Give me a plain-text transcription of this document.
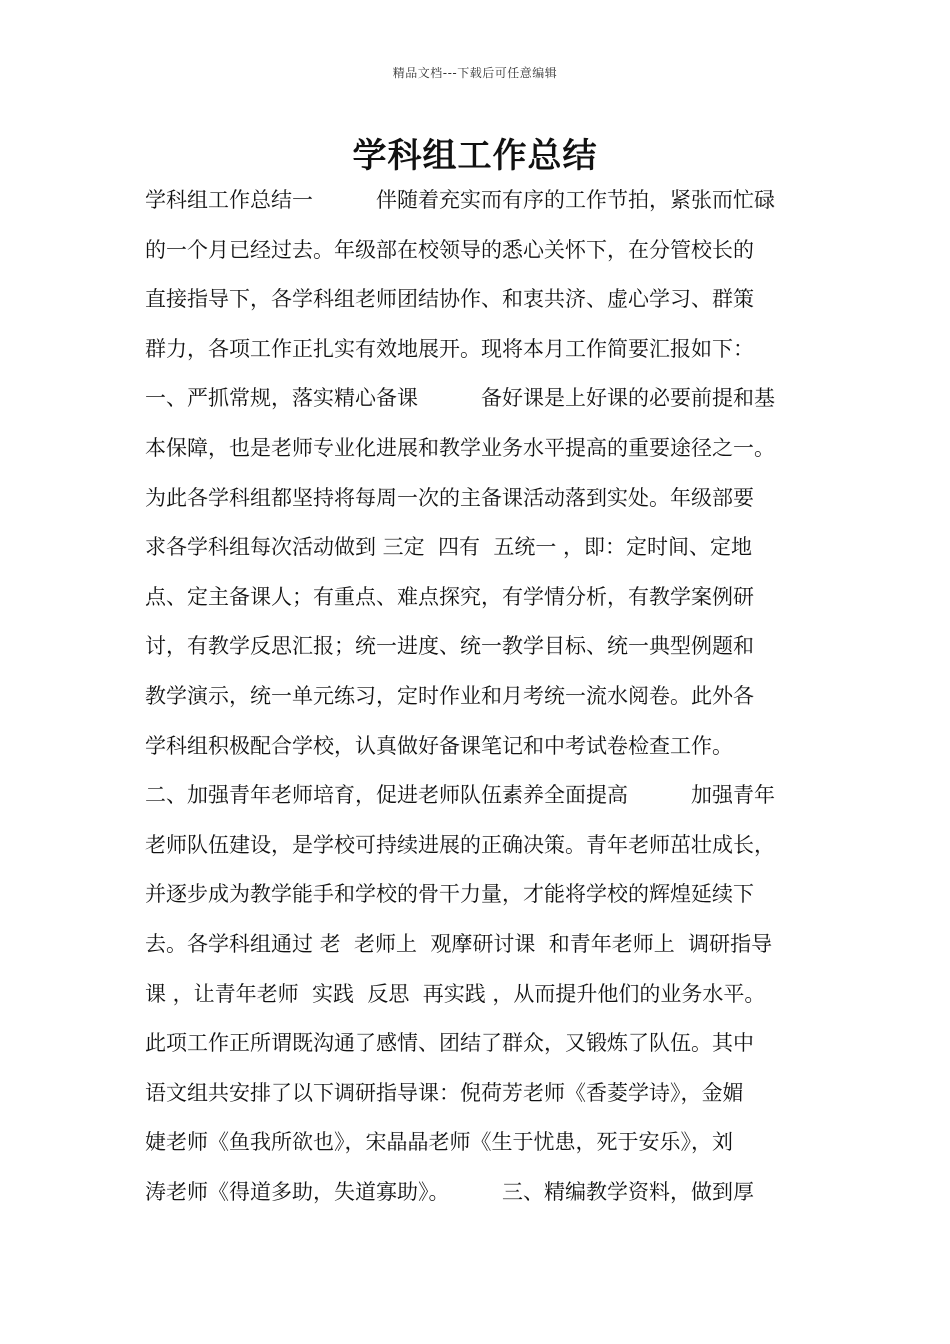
精品文档---下载后可任意编辑
学科组工作总结
学科组工作总结一　　　伴随着充实而有序的工作节拍，紧张而忙碌
的一个月已经过去。年级部在校领导的悉心关怀下，在分管校长的
直接指导下，各学科组老师团结协作、和衷共济、虚心学习、群策
群力，各项工作正扎实有效地展开。现将本月工作简要汇报如下：
一、严抓常规，落实精心备课　　　备好课是上好课的必要前提和基
本保障，也是老师专业化进展和教学业务水平提高的重要途径之一。
为此各学科组都坚持将每周一次的主备课活动落到实处。年级部要
求各学科组每次活动做到 三定  四有  五统一 ，即：定时间、定地
点、定主备课人；有重点、难点探究，有学情分析，有教学案例研
讨，有教学反思汇报；统一进度、统一教学目标、统一典型例题和
教学演示，统一单元练习，定时作业和月考统一流水阅卷。此外各
学科组积极配合学校，认真做好备课笔记和中考试卷检查工作。
二、加强青年老师培育，促进老师队伍素养全面提高　　　加强青年
老师队伍建设，是学校可持续进展的正确决策。青年老师茁壮成长，
并逐步成为教学能手和学校的骨干力量，才能将学校的辉煌延续下
去。各学科组通过 老  老师上  观摩研讨课  和青年老师上  调研指导
课 ，让青年老师  实践  反思  再实践 ，从而提升他们的业务水平。
此项工作正所谓既沟通了感情、团结了群众，又锻炼了队伍。其中
语文组共安排了以下调研指导课：倪荷芳老师《香菱学诗》，金媚
婕老师《鱼我所欲也》，宋晶晶老师《生于忧患，死于安乐》，刘
涛老师《得道多助，失道寡助》。　　　三、精编教学资料，做到厚
